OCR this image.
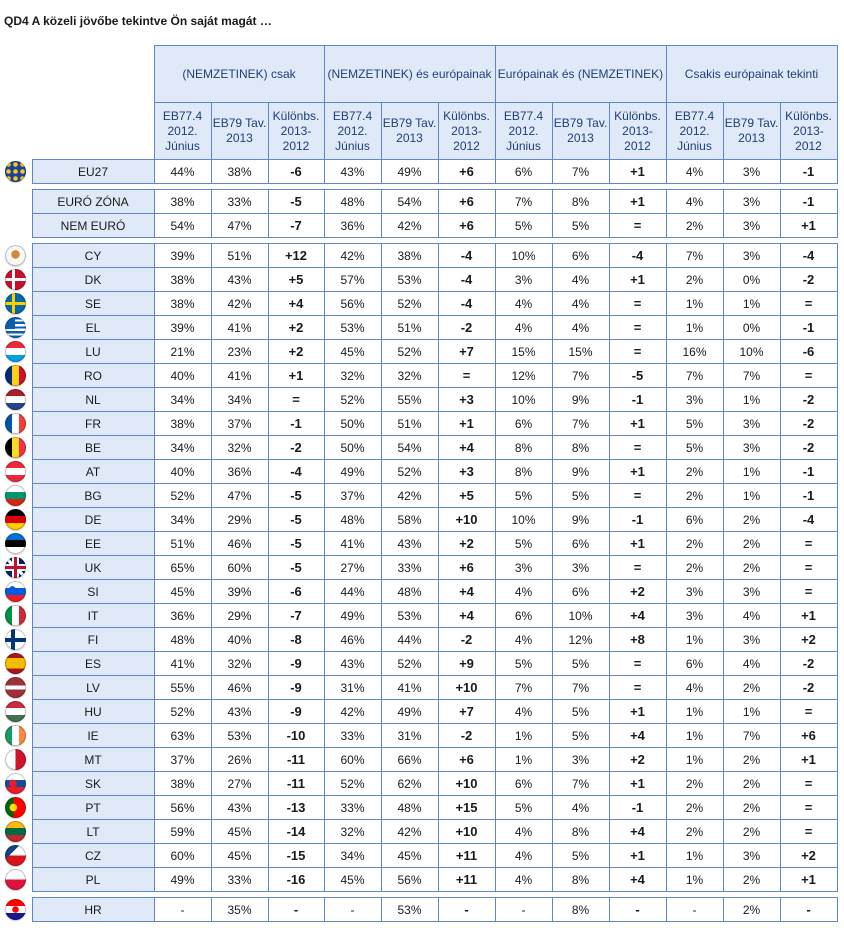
QD4 A közeli jövőbe tekintve Ön saját magát …
		(NEMZETINEK) csak			(NEMZETINEK) és európainak			Európainak és (NEMZETINEK)			Csakis európainak tekinti		
		EB77.4 2012. Június	EB79 Tav. 2013	Különbs. 2013-2012	EB77.4 2012. Június	EB79 Tav. 2013	Különbs. 2013-2012	EB77.4 2012. Június	EB79 Tav. 2013	Különbs. 2013-2012	EB77.4 2012. Június	EB79 Tav. 2013	Különbs. 2013-2012
	EU27	44%	38%	-6	43%	49%	+6	6%	7%	+1	4%	3%	-1

	EURÓ ZÓNA	38%	33%	-5	48%	54%	+6	7%	8%	+1	4%	3%	-1
	NEM EURÓ	54%	47%	-7	36%	42%	+6	5%	5%	=	2%	3%	+1

	CY	39%	51%	+12	42%	38%	-4	10%	6%	-4	7%	3%	-4
	DK	38%	43%	+5	57%	53%	-4	3%	4%	+1	2%	0%	-2
	SE	38%	42%	+4	56%	52%	-4	4%	4%	=	1%	1%	=
	EL	39%	41%	+2	53%	51%	-2	4%	4%	=	1%	0%	-1
	LU	21%	23%	+2	45%	52%	+7	15%	15%	=	16%	10%	-6
	RO	40%	41%	+1	32%	32%	=	12%	7%	-5	7%	7%	=
	NL	34%	34%	=	52%	55%	+3	10%	9%	-1	3%	1%	-2
	FR	38%	37%	-1	50%	51%	+1	6%	7%	+1	5%	3%	-2
	BE	34%	32%	-2	50%	54%	+4	8%	8%	=	5%	3%	-2
	AT	40%	36%	-4	49%	52%	+3	8%	9%	+1	2%	1%	-1
	BG	52%	47%	-5	37%	42%	+5	5%	5%	=	2%	1%	-1
	DE	34%	29%	-5	48%	58%	+10	10%	9%	-1	6%	2%	-4
	EE	51%	46%	-5	41%	43%	+2	5%	6%	+1	2%	2%	=
	UK	65%	60%	-5	27%	33%	+6	3%	3%	=	2%	2%	=
	SI	45%	39%	-6	44%	48%	+4	4%	6%	+2	3%	3%	=
	IT	36%	29%	-7	49%	53%	+4	6%	10%	+4	3%	4%	+1
	FI	48%	40%	-8	46%	44%	-2	4%	12%	+8	1%	3%	+2
	ES	41%	32%	-9	43%	52%	+9	5%	5%	=	6%	4%	-2
	LV	55%	46%	-9	31%	41%	+10	7%	7%	=	4%	2%	-2
	HU	52%	43%	-9	42%	49%	+7	4%	5%	+1	1%	1%	=
	IE	63%	53%	-10	33%	31%	-2	1%	5%	+4	1%	7%	+6
	MT	37%	26%	-11	60%	66%	+6	1%	3%	+2	1%	2%	+1
	SK	38%	27%	-11	52%	62%	+10	6%	7%	+1	2%	2%	=
	PT	56%	43%	-13	33%	48%	+15	5%	4%	-1	2%	2%	=
	LT	59%	45%	-14	32%	42%	+10	4%	8%	+4	2%	2%	=
	CZ	60%	45%	-15	34%	45%	+11	4%	5%	+1	1%	3%	+2
	PL	49%	33%	-16	45%	56%	+11	4%	8%	+4	1%	2%	+1

	HR	-	35%	-	-	53%	-	-	8%	-	-	2%	-
